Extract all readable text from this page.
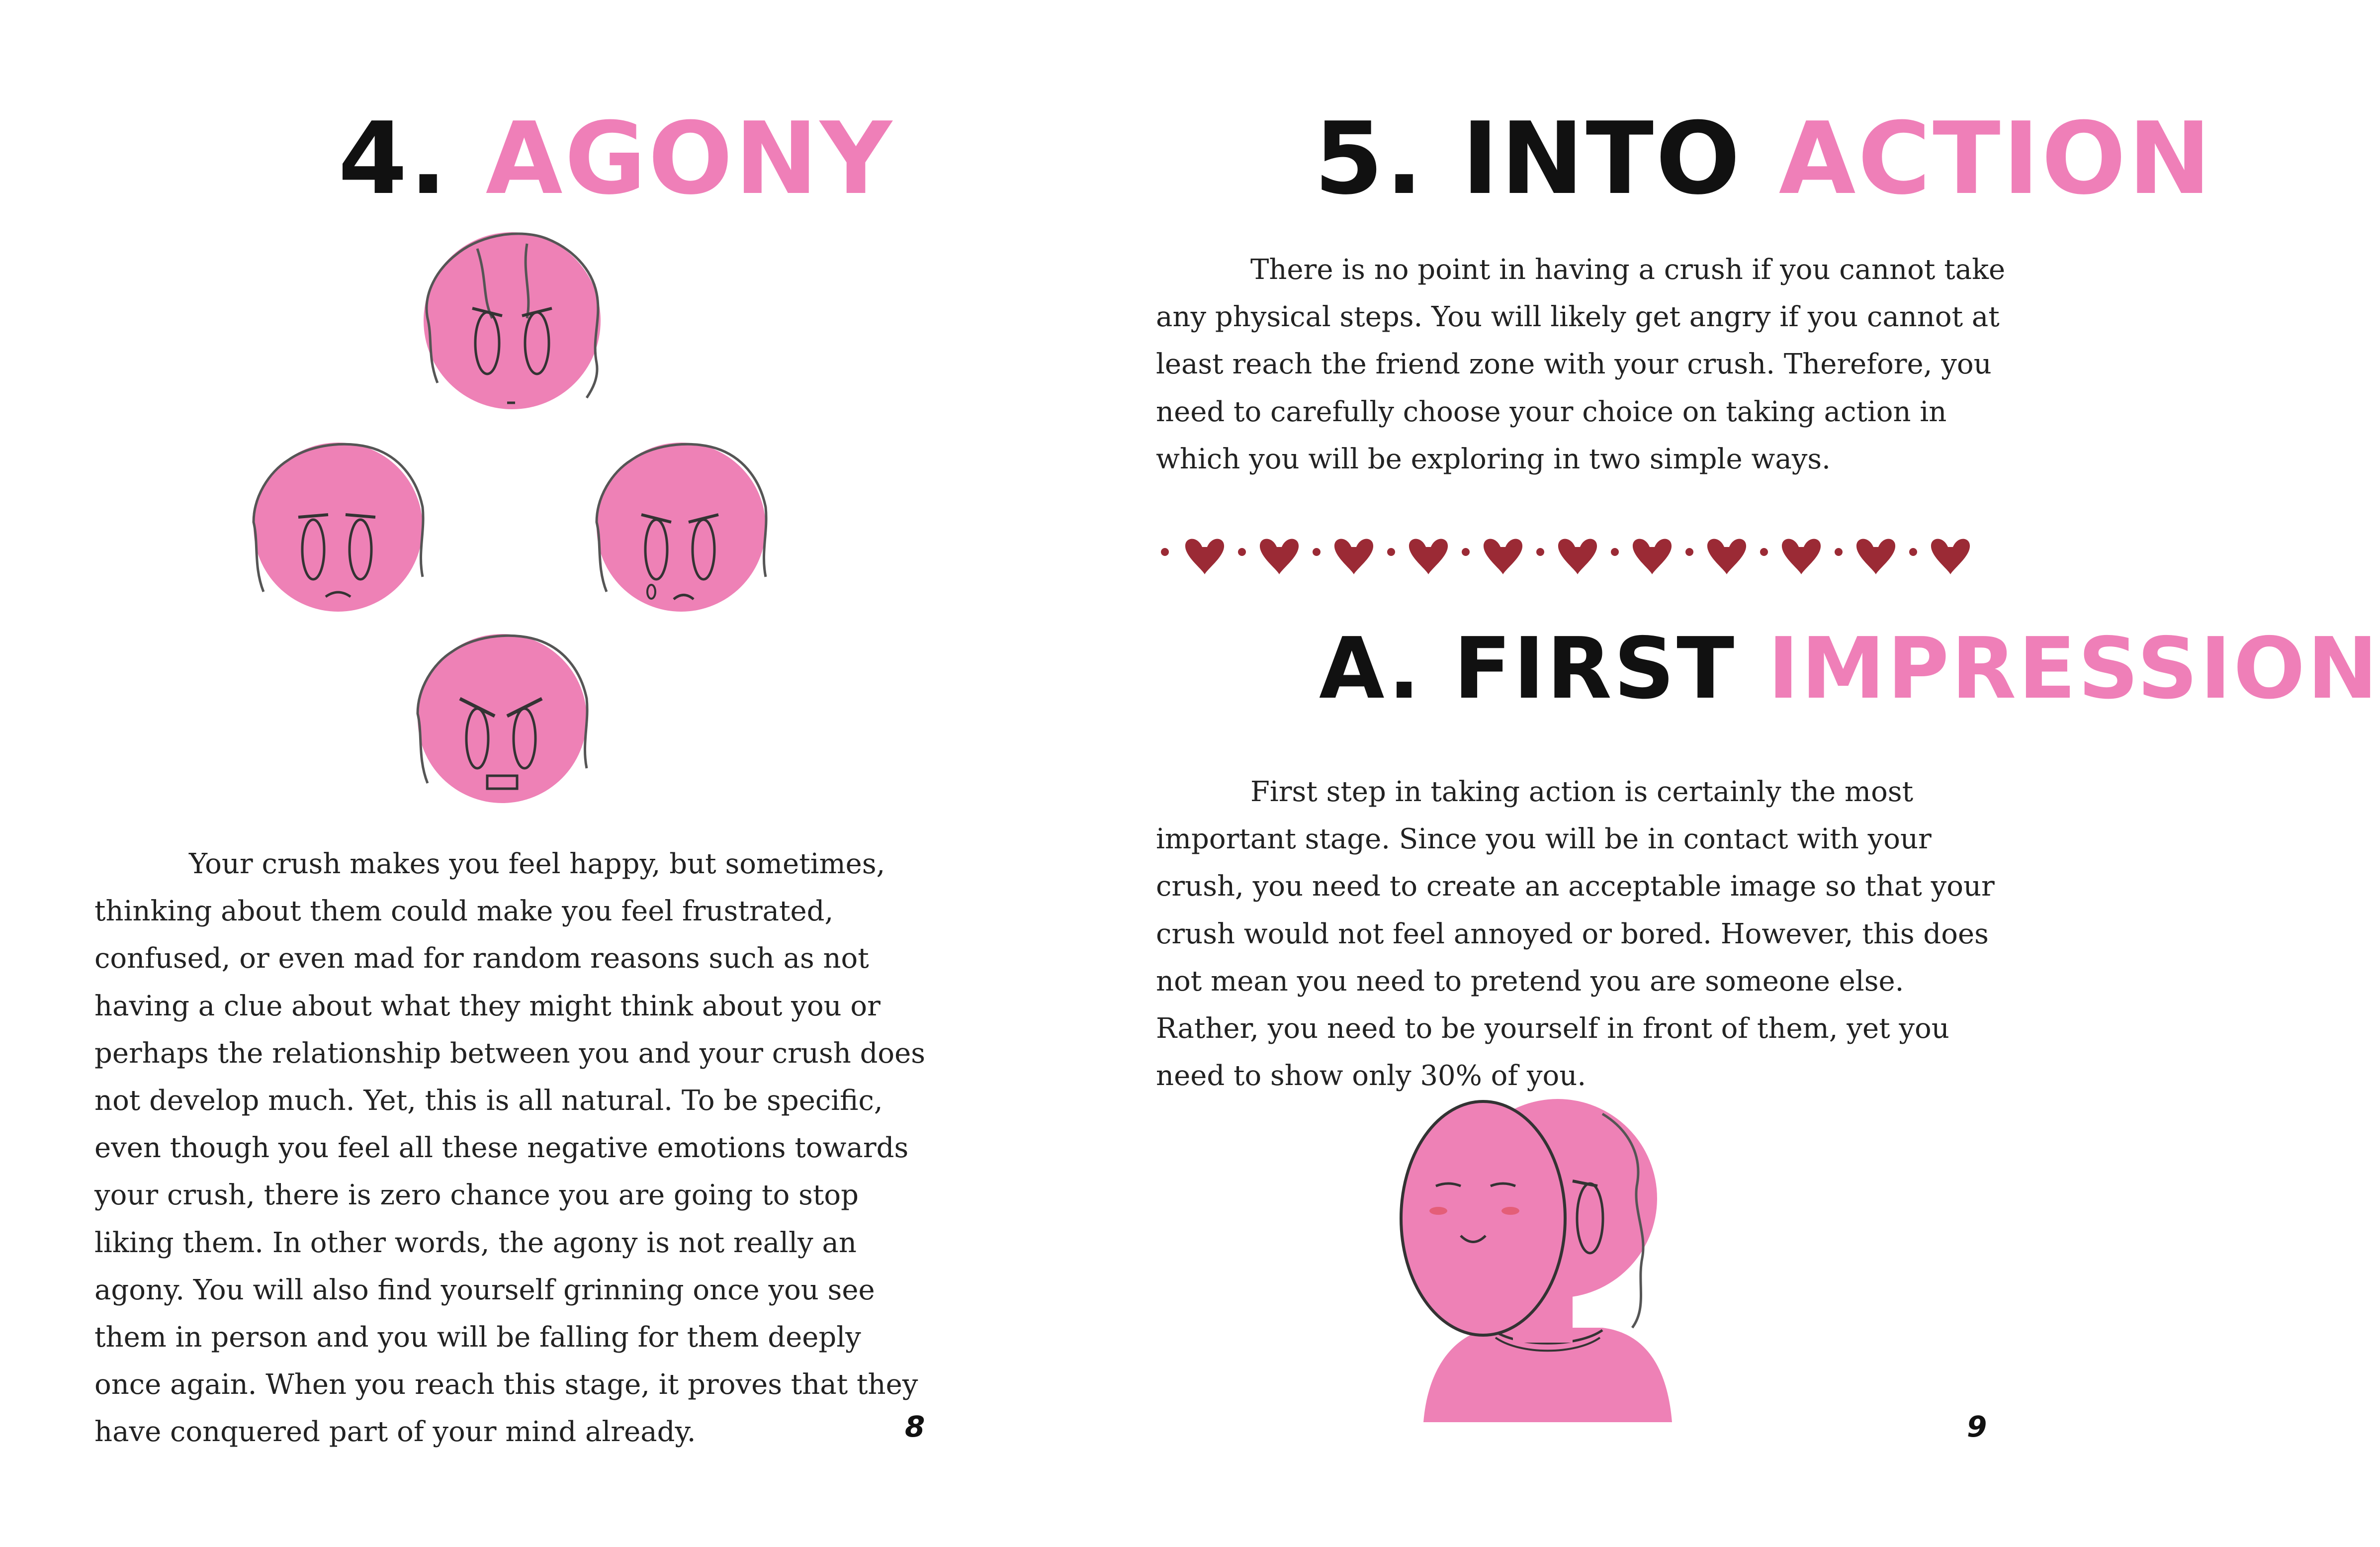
4. AGONY

Your crush makes you feel happy, but sometimes, thinking about them could make you feel frustrated, confused, or even mad for random reasons such as not having a clue about what they might think about you or perhaps the relationship between you and your crush does not develop much. Yet, this is all natural. To be specific, even though you feel all these negative emotions towards your crush, there is zero chance you are going to stop liking them. In other words, the agony is not really an agony. You will also find yourself grinning once you see them in person and you will be falling for them deeply once again. When you reach this stage, it proves that they have conquered part of your mind already.	8
5. INTO ACTION

There is no point in having a crush if you cannot take any physical steps. You will likely get angry if you cannot at least reach the friend zone with your crush. Therefore, you need to carefully choose your choice on taking action in which you will be exploring in two simple ways.

A. FIRST IMPRESSION

First step in taking action is certainly the most important stage. Since you will be in contact with your crush, you need to create an acceptable image so that your crush would not feel annoyed or bored. However, this does not mean you need to pretend you are someone else. Rather, you need to be yourself in front of them, yet you need to show only 30% of you.

9
